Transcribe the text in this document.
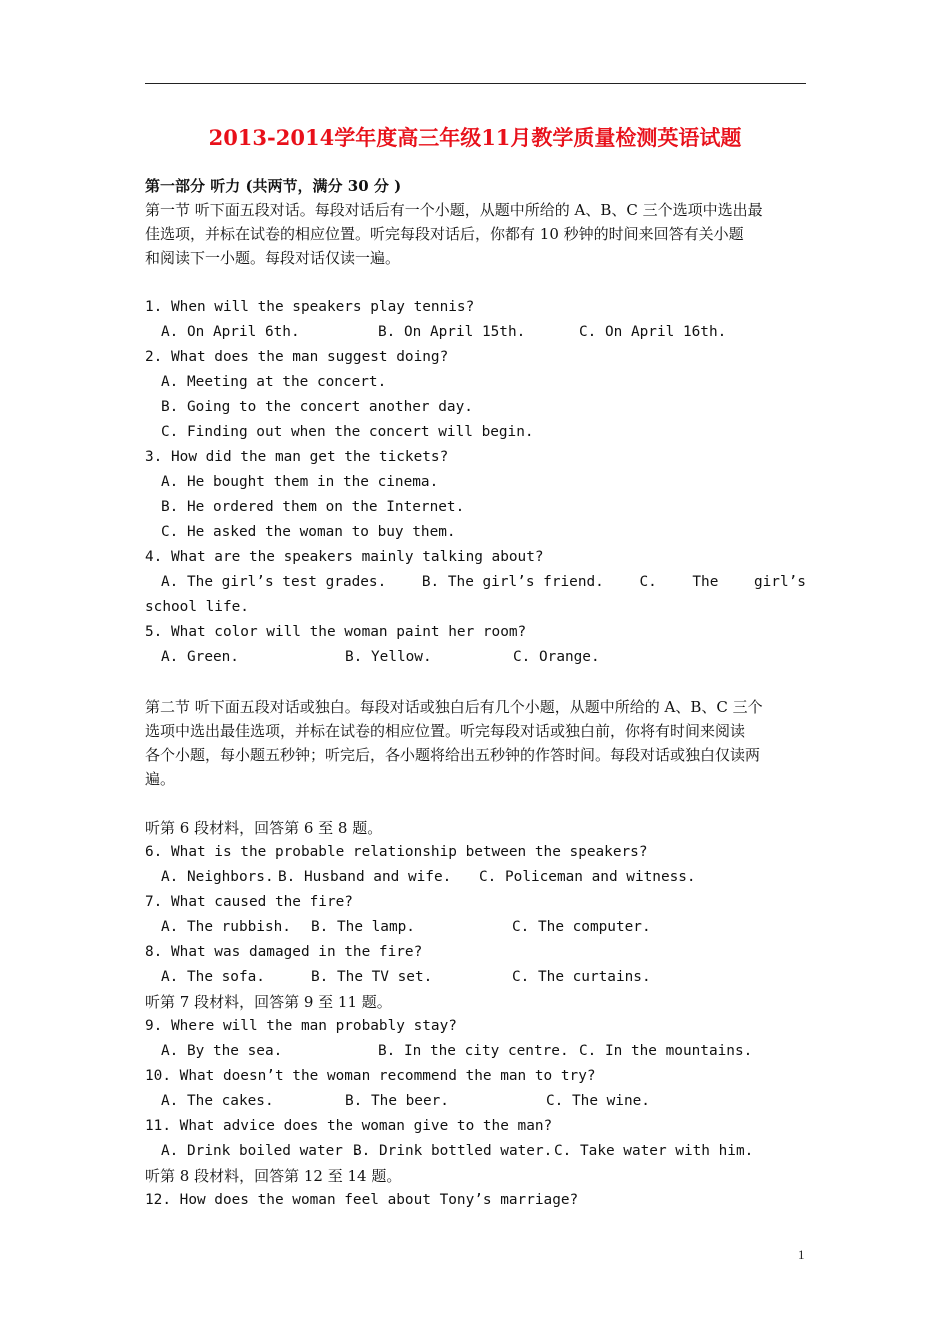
2013-2014学年度高三年级11月教学质量检测英语试题
第一部分 听力 (共两节，满分 30 分 )
第一节 听下面五段对话。每段对话后有一个小题，从题中所给的 A、B、C 三个选项中选出最
佳选项，并标在试卷的相应位置。听完每段对话后，你都有 10 秒钟的时间来回答有关小题
和阅读下一小题。每段对话仅读一遍。
1. When will the speakers play tennis?
A. On April 6th.	B. On April 15th.	C. On April 16th.
2. What does the man suggest doing?
A. Meeting at the concert.
B. Going to the concert another day.
C. Finding out when the concert will begin.
3. How did the man get the tickets?
A. He bought them in the cinema.
B. He ordered them on the Internet.
C. He asked the woman to buy them.
4. What are the speakers mainly talking about?
A. The girl’s test grades. B. The girl’s friend. C. The girl’s
school life.
5. What color will the woman paint her room?
A. Green.	B. Yellow.	C. Orange.
第二节 听下面五段对话或独白。每段对话或独白后有几个小题，从题中所给的 A、B、C 三个
选项中选出最佳选项，并标在试卷的相应位置。听完每段对话或独白前，你将有时间来阅读
各个小题，每小题五秒钟；听完后，各小题将给出五秒钟的作答时间。每段对话或独白仅读两
遍。
听第 6 段材料，回答第 6 至 8 题。
6. What is the probable relationship between the speakers?
A. Neighbors. B. Husband and wife.	C. Policeman and witness.
7. What caused the fire?
A. The rubbish.	B. The lamp.	C. The computer.
8. What was damaged in the fire?
A. The sofa.	B. The TV set.	C. The curtains.
听第 7 段材料，回答第 9 至 11 题。
9. Where will the man probably stay?
A. By the sea.	B. In the city centre. C. In the mountains.
10. What doesn’t the woman recommend the man to try?
A. The cakes.	B. The beer.	C. The wine.
11. What advice does the woman give to the man?
A. Drink boiled water .
B. Drink bottled water. C. Take water with him.
听第 8 段材料，回答第 12 至 14 题。
12. How does the woman feel about Tony’s marriage?
1
